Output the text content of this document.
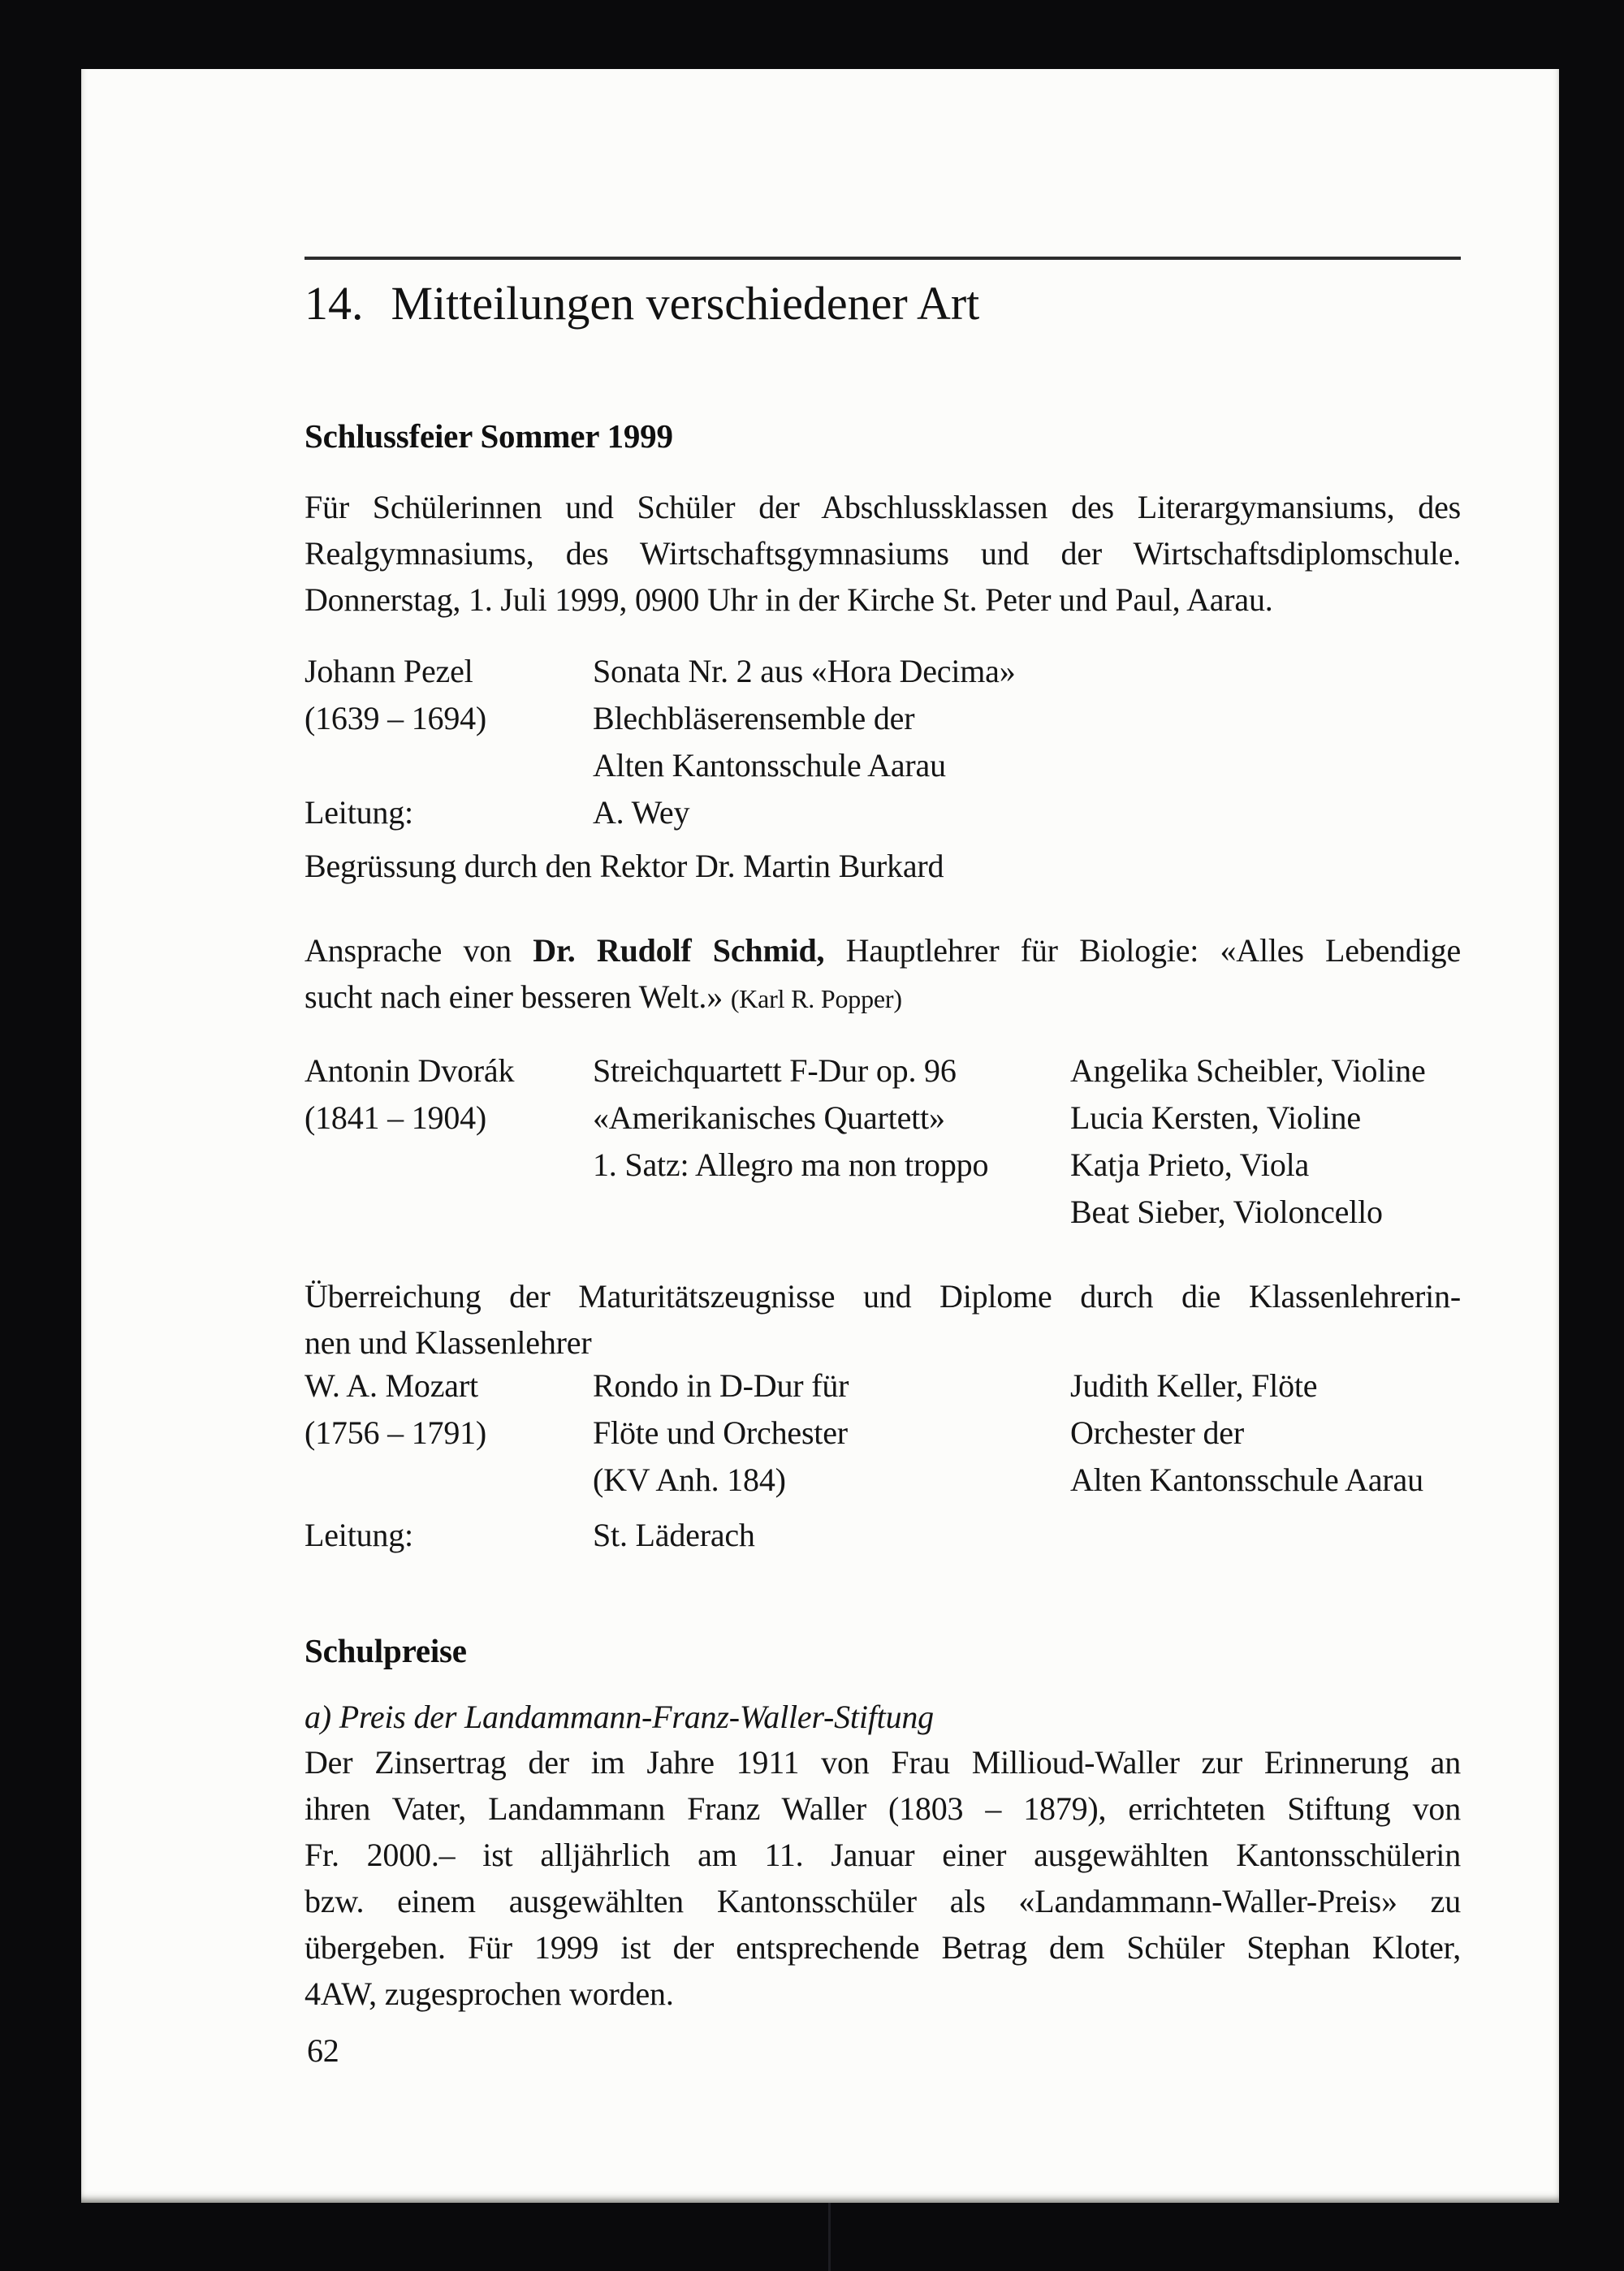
14. Mitteilungen verschiedener Art
Schlussfeier Sommer 1999
Für Schülerinnen und Schüler der Abschlussklassen des Literargymansiums, des
Realgymnasiums, des Wirtschaftsgymnasiums und der Wirtschaftsdiplomschule.
Donnerstag, 1. Juli 1999, 0900 Uhr in der Kirche St. Peter und Paul, Aarau.
Johann Pezel
(1639 – 1694)
Leitung:
Sonata Nr. 2 aus «Hora Decima»
Blechbläserensemble der
Alten Kantonsschule Aarau
A. Wey
Begrüssung durch den Rektor Dr. Martin Burkard
Ansprache von Dr. Rudolf Schmid, Hauptlehrer für Biologie: «Alles Lebendige
sucht nach einer besseren Welt.» (Karl R. Popper)
Antonin Dvorák
(1841 – 1904)
Streichquartett F-Dur op. 96
«Amerikanisches Quartett»
1. Satz: Allegro ma non troppo
Angelika Scheibler, Violine
Lucia Kersten, Violine
Katja Prieto, Viola
Beat Sieber, Violoncello
Überreichung der Maturitätszeugnisse und Diplome durch die Klassenlehrerin-
nen und Klassenlehrer
W. A. Mozart
(1756 – 1791)
Leitung:
Rondo in D-Dur für
Flöte und Orchester
(KV Anh. 184)
St. Läderach
Judith Keller, Flöte
Orchester der
Alten Kantonsschule Aarau
Schulpreise
a) Preis der Landammann-Franz-Waller-Stiftung
Der Zinsertrag der im Jahre 1911 von Frau Millioud-Waller zur Erinnerung an
ihren Vater, Landammann Franz Waller (1803 – 1879), errichteten Stiftung von
Fr. 2000.– ist alljährlich am 11. Januar einer ausgewählten Kantonsschülerin
bzw. einem ausgewählten Kantonsschüler als «Landammann-Waller-Preis» zu
übergeben. Für 1999 ist der entsprechende Betrag dem Schüler Stephan Kloter,
4AW, zugesprochen worden.
62
